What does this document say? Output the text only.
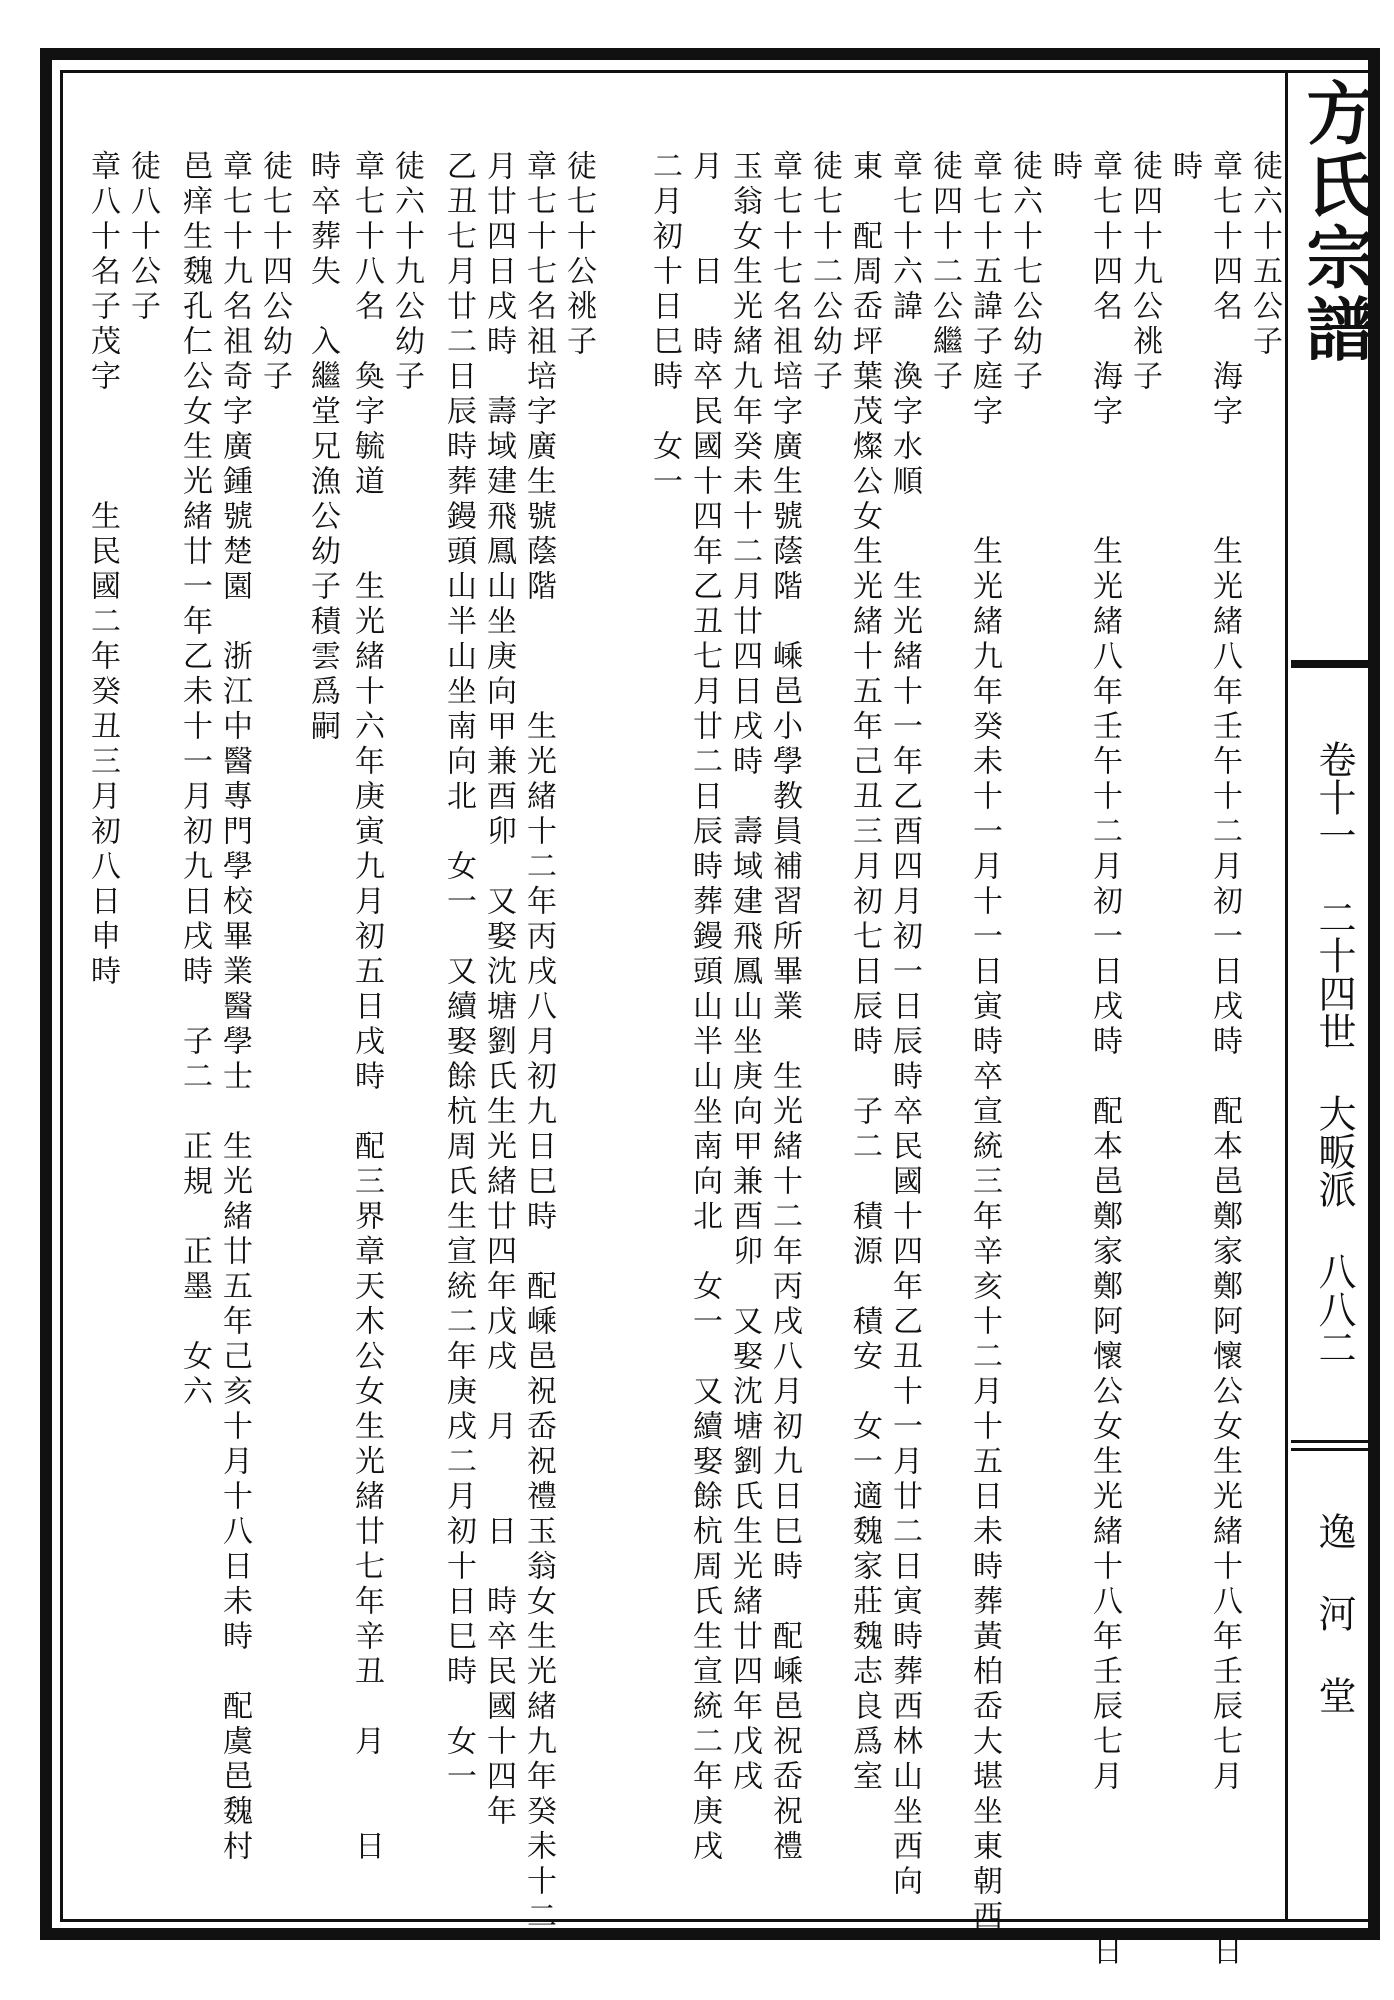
方氏宗譜
卷十一 二十四世 大畈派 八八二
逸 河 堂
徒六十五公子
章七十四名　海字　　　生光緒八年壬午十二月初一日戌時　配本邑鄭家鄭阿懷公女生光緒十八年壬辰七月　　　　日
時
徒四十九公祧子
章七十四名　海字　　　生光緒八年壬午十二月初一日戌時　配本邑鄭家鄭阿懷公女生光緒十八年壬辰七月　　　　日
時
徒六十七公幼子
章七十五諱子庭字　　　生光緒九年癸未十一月十一日寅時卒宣統三年辛亥十二月十五日未時葬黃柏岙大堪坐東朝西
徒四十二公繼子
章七十六諱　渙字水順　　生光緒十一年乙酉四月初一日辰時卒民國十四年乙丑十一月廿二日寅時葬西林山坐西向
東　配周岙坪葉茂燦公女生光緒十五年己丑三月初七日辰時　子二　積源　積安　女一適魏家莊魏志良爲室
徒七十二公幼子
章七十七名祖培字廣生號蔭階　嵊邑小學教員補習所畢業　生光緒十二年丙戌八月初九日巳時　配嵊邑祝岙祝禮
玉翁女生光緒九年癸未十二月廿四日戌時　壽域建飛鳳山坐庚向甲兼酉卯　又娶沈塘劉氏生光緒廿四年戊戌
月　　日　時卒民國十四年乙丑七月廿二日辰時葬鏝頭山半山坐南向北　女一　又續娶餘杭周氏生宣統二年庚戌
二月初十日巳時　女一
徒七十公祧子
章七十七名祖培字廣生號蔭階　　　生光緒十二年丙戌八月初九日巳時　配嵊邑祝岙祝禮玉翁女生光緒九年癸未十二
月廿四日戌時　壽域建飛鳳山坐庚向甲兼酉卯　又娶沈塘劉氏生光緒廿四年戊戌　月　　日　時卒民國十四年
乙丑七月廿二日辰時葬鏝頭山半山坐南向北　女一　又續娶餘杭周氏生宣統二年庚戌二月初十日巳時　女一
徒六十九公幼子
章七十八名　奐字毓道　　生光緒十六年庚寅九月初五日戌時　配三界章天木公女生光緒廿七年辛丑　月　　日
時卒葬失　入繼堂兄漁公幼子積雲爲嗣
徒七十四公幼子
章七十九名祖奇字廣鍾號楚園　浙江中醫專門學校畢業醫學士　生光緒廿五年己亥十月十八日未時　配虞邑魏村
邑痒生魏孔仁公女生光緒廿一年乙未十一月初九日戌時　子二　正規　正墨　女六
徒八十公子
章八十名子茂字　　　生民國二年癸丑三月初八日申時
